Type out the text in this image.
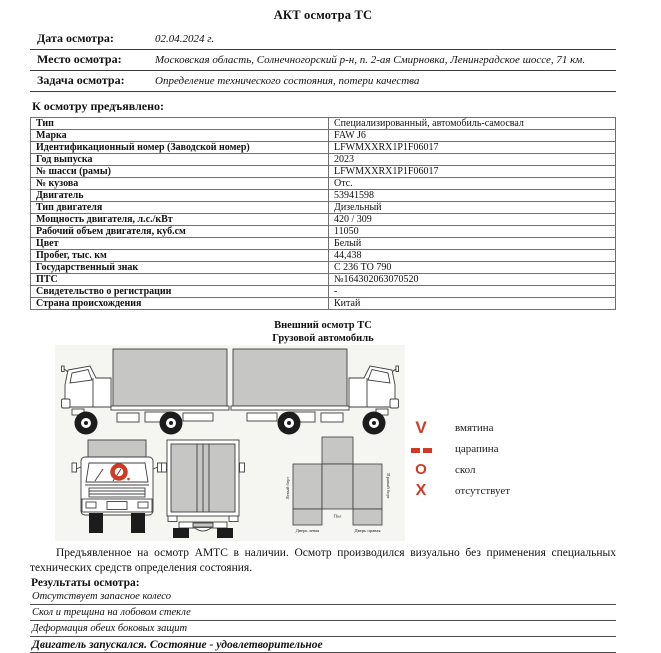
АКТ осмотра ТС
Дата осмотра:	02.04.2024 г.
Место осмотра:	Московская область, Солнечногорский р-н, п. 2-ая Смирновка, Ленинградское шоссе, 71 км.
Задача осмотра:	Определение технического состояния, потери качества
К осмотру предъявлено:
Тип	Специализированный, автомобиль-самосвал
Марка	FAW J6
Идентификационный номер (Заводской номер)	LFWMXXRX1P1F06017
Год выпуска	2023
№ шасси (рамы)	LFWMXXRX1P1F06017
№ кузова	Отс.
Двигатель	53941598
Тип двигателя	Дизельный
Мощность двигателя, л.с./кВт	420 / 309
Рабочий объем двигателя, куб.см	11050
Цвет	Белый
Пробег, тыс. км	44,438
Государственный знак	С 236 ТО 790
ПТС	№164302063070520
Свидетельство о регистрации	-
Страна происхождения	Китай
Внешний осмотр ТС
Грузовой автомобиль
Левый борт	Правый борт
Пол
Дверь левая	Дверь правая
V	вмятина
царапина
O	скол
X	отсутствует

Предъявленное на осмотр АМТС в наличии. Осмотр производился визуально без применения специальных технических средств определения состояния.

Результаты осмотра:
Отсутствует запасное колесо
Скол и трещина на лобовом стекле
Деформация обеих боковых защит
Двигатель запускался. Состояние - удовлетворительное
